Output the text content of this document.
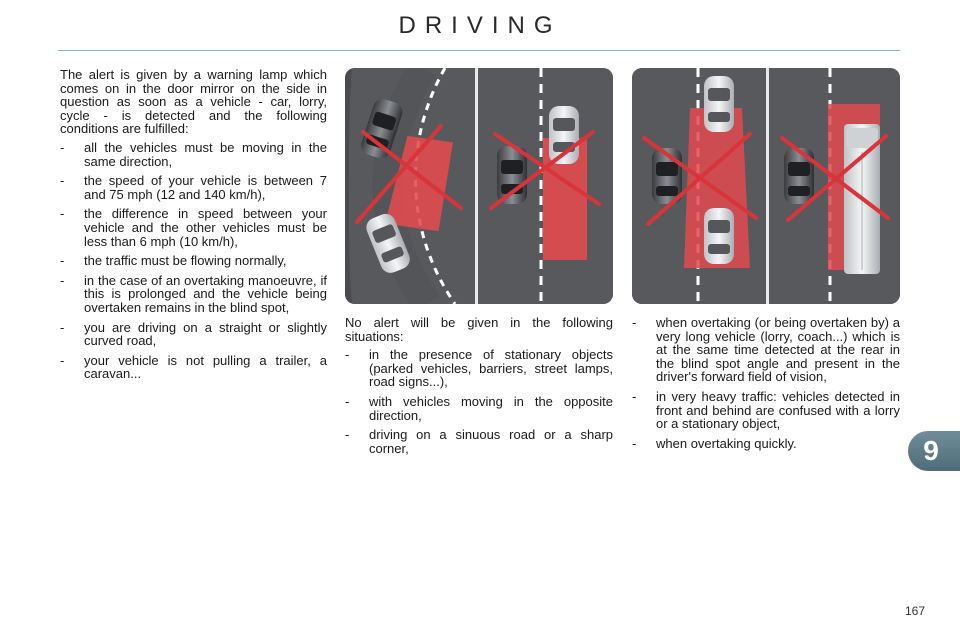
DRIVING

The alert is given by a warning lamp which comes on in the door mirror on the side in question as soon as a vehicle - car, lorry, cycle - is detected and the following conditions are fulfilled:

- all the vehicles must be moving in the same direction,
- the speed of your vehicle is between 7 and 75 mph (12 and 140 km/h),
- the difference in speed between your vehicle and the other vehicles must be less than 6 mph (10 km/h),
- the traffic must be flowing normally,
- in the case of an overtaking manoeuvre, if this is prolonged and the vehicle being overtaken remains in the blind spot,
- you are driving on a straight or slightly curved road,
- your vehicle is not pulling a trailer, a caravan...

No alert will be given in the following situations:

- in the presence of stationary objects (parked vehicles, barriers, street lamps, road signs...),
- with vehicles moving in the opposite direction,
- driving on a sinuous road or a sharp corner,
- when overtaking (or being overtaken by) a very long vehicle (lorry, coach...) which is at the same time detected at the rear in the blind spot angle and present in the driver's forward field of vision,
- in very heavy traffic: vehicles detected in front and behind are confused with a lorry or a stationary object,
- when overtaking quickly.	9
167
